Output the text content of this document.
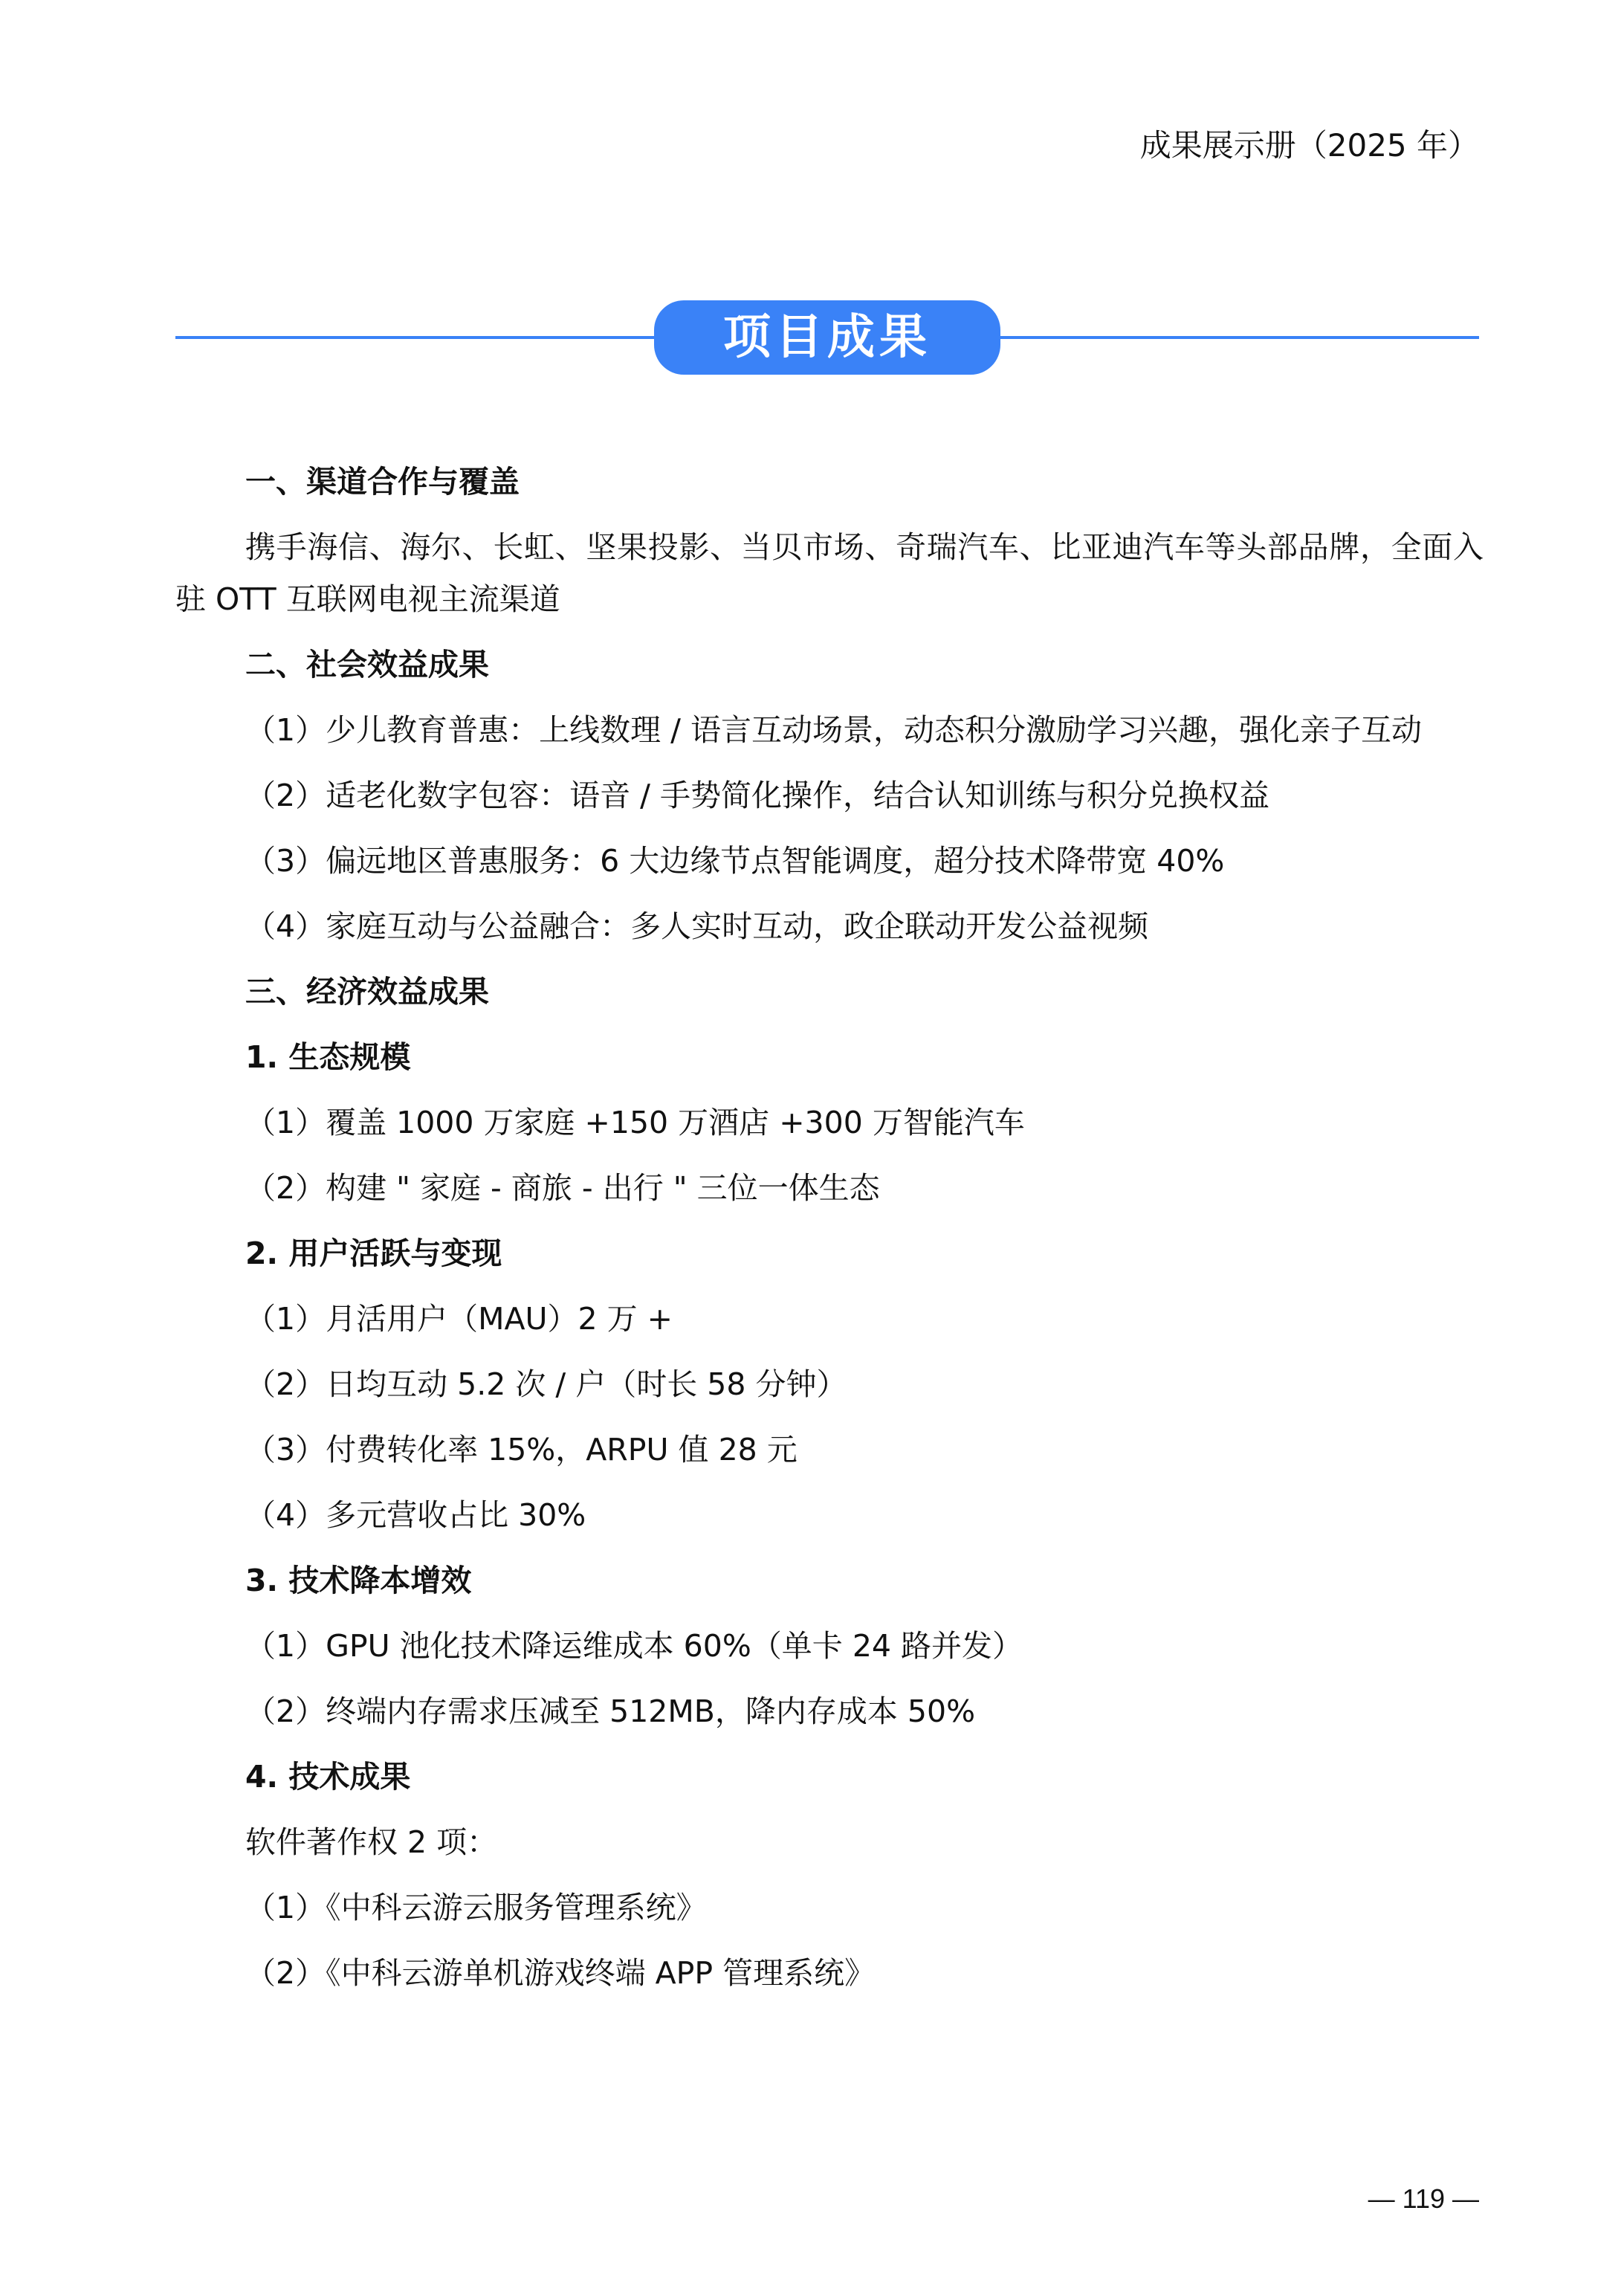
成果展示册（2025 年）
项目成果
一、渠道合作与覆盖
携手海信、海尔、长虹、坚果投影、当贝市场、奇瑞汽车、比亚迪汽车等头部品牌，全面入驻 OTT 互联网电视主流渠道
二、社会效益成果
（1）少儿教育普惠：上线数理 / 语言互动场景，动态积分激励学习兴趣，强化亲子互动
（2）适老化数字包容：语音 / 手势简化操作，结合认知训练与积分兑换权益
（3）偏远地区普惠服务：6 大边缘节点智能调度，超分技术降带宽 40%
（4）家庭互动与公益融合：多人实时互动，政企联动开发公益视频
三、经济效益成果
1. 生态规模
（1）覆盖 1000 万家庭 +150 万酒店 +300 万智能汽车
（2）构建 " 家庭 - 商旅 - 出行 " 三位一体生态
2. 用户活跃与变现
（1）月活用户（MAU）2 万 +
（2）日均互动 5.2 次 / 户（时长 58 分钟）
（3）付费转化率 15%，ARPU 值 28 元
（4）多元营收占比 30%
3. 技术降本增效
（1）GPU 池化技术降运维成本 60%（单卡 24 路并发）
（2）终端内存需求压减至 512MB，降内存成本 50%
4. 技术成果
软件著作权 2 项：
（1）《中科云游云服务管理系统》
（2）《中科云游单机游戏终端 APP 管理系统》
— 119 —
